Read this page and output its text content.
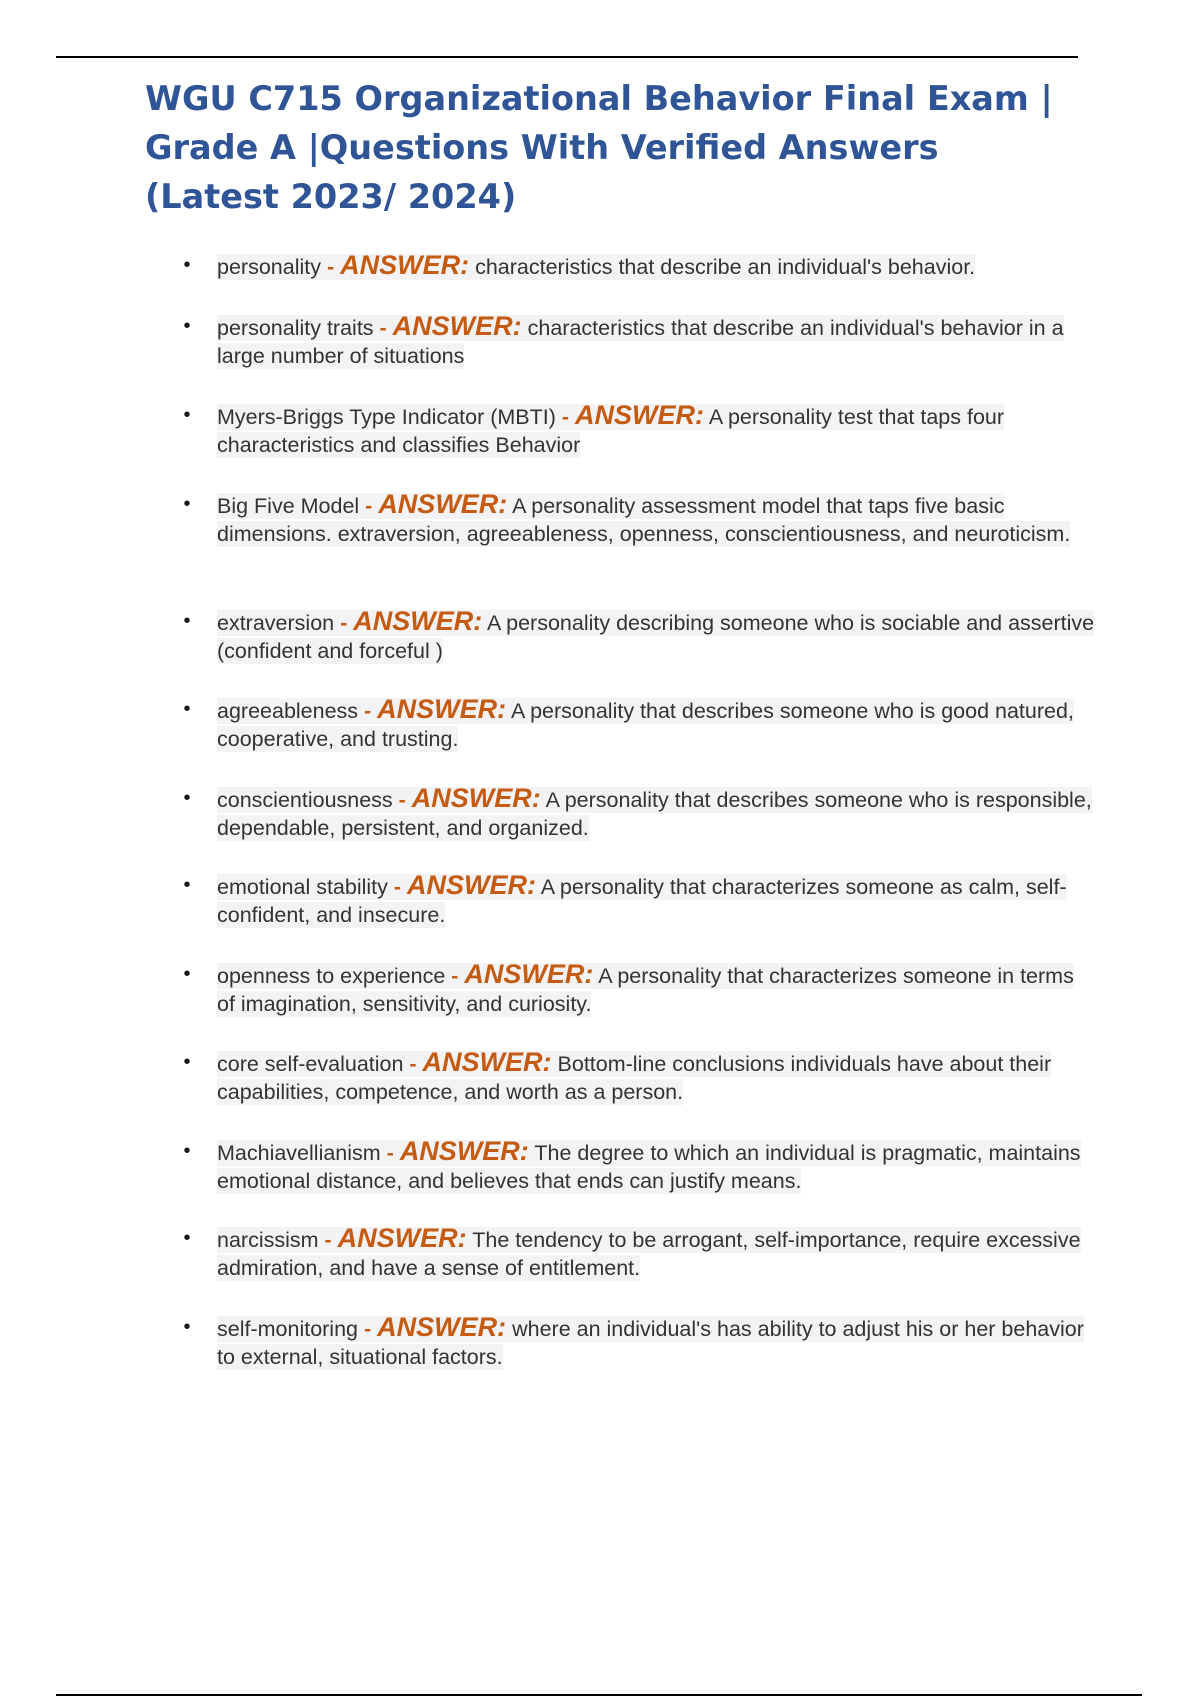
WGU C715 Organizational Behavior Final Exam | Grade A |Questions With Verified Answers (Latest 2023/ 2024)
• personality - ANSWER: characteristics that describe an individual's behavior.
• personality traits - ANSWER: characteristics that describe an individual's behavior in a large number of situations
• Myers-Briggs Type Indicator (MBTI) - ANSWER: A personality test that taps four characteristics and classifies Behavior
• Big Five Model - ANSWER: A personality assessment model that taps five basic dimensions. extraversion, agreeableness, openness, conscientiousness, and neuroticism.
• extraversion - ANSWER: A personality describing someone who is sociable and assertive (confident and forceful )
• agreeableness - ANSWER: A personality that describes someone who is good natured, cooperative, and trusting.
• conscientiousness - ANSWER: A personality that describes someone who is responsible, dependable, persistent, and organized.
• emotional stability - ANSWER: A personality that characterizes someone as calm, self-confident, and insecure.
• openness to experience - ANSWER: A personality that characterizes someone in terms of imagination, sensitivity, and curiosity.
• core self-evaluation - ANSWER: Bottom-line conclusions individuals have about their capabilities, competence, and worth as a person.
• Machiavellianism - ANSWER: The degree to which an individual is pragmatic, maintains emotional distance, and believes that ends can justify means.
• narcissism - ANSWER: The tendency to be arrogant, self-importance, require excessive admiration, and have a sense of entitlement.
• self-monitoring - ANSWER: where an individual's has ability to adjust his or her behavior to external, situational factors.
